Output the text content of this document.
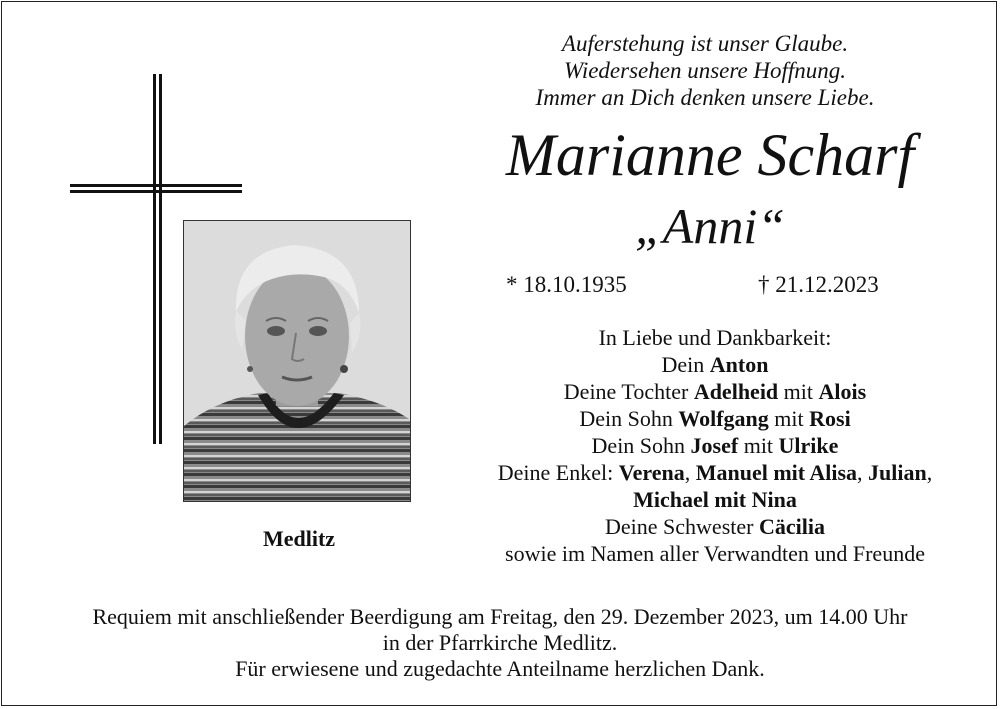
Medlitz
Auferstehung ist unser Glaube.
Wiedersehen unsere Hoffnung.
Immer an Dich denken unsere Liebe.
Marianne Scharf
„Anni“
* 18.10.1935	† 21.12.2023
In Liebe und Dankbarkeit:
Dein Anton
Deine Tochter Adelheid mit Alois
Dein Sohn Wolfgang mit Rosi
Dein Sohn Josef mit Ulrike
Deine Enkel: Verena, Manuel mit Alisa, Julian,
Michael mit Nina
Deine Schwester Cäcilia
sowie im Namen aller Verwandten und Freunde
Requiem mit anschließender Beerdigung am Freitag, den 29. Dezember 2023, um 14.00 Uhr
in der Pfarrkirche Medlitz.
Für erwiesene und zugedachte Anteilname herzlichen Dank.
